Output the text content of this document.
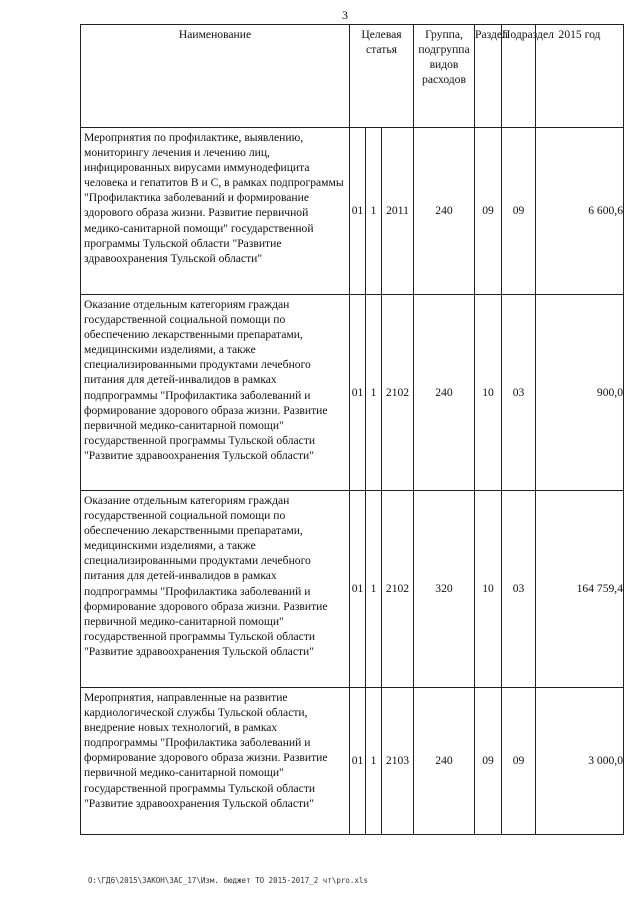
3
Наименование	Целевая статья			Группа, подгруппа видов расходов	Раздел	Подраздел	2015 год
Мероприятия по профилактике, выявлению, мониторингу лечения и лечению лиц, инфицированных вирусами иммунодефицита человека и гепатитов В и С, в рамках подпрограммы "Профилактика заболеваний и формирование здорового образа жизни. Развитие первичной медико-санитарной помощи" государственной программы Тульской области "Развитие здравоохранения Тульской области"	01	1	2011	240	09	09	6 600,6
Оказание отдельным категориям граждан государственной социальной помощи по обеспечению лекарственными препаратами, медицинскими изделиями, а также специализированными продуктами лечебного питания для детей-инвалидов в рамках подпрограммы "Профилактика заболеваний и формирование здорового образа жизни. Развитие первичной медико-санитарной помощи" государственной программы Тульской области "Развитие здравоохранения Тульской области"	01	1	2102	240	10	03	900,0
Оказание отдельным категориям граждан государственной социальной помощи по обеспечению лекарственными препаратами, медицинскими изделиями, а также специализированными продуктами лечебного питания для детей-инвалидов в рамках подпрограммы "Профилактика заболеваний и формирование здорового образа жизни. Развитие первичной медико-санитарной помощи" государственной программы Тульской области "Развитие здравоохранения Тульской области"	01	1	2102	320	10	03	164 759,4
Мероприятия, направленные на развитие кардиологической службы Тульской области, внедрение новых технологий, в рамках подпрограммы "Профилактика заболеваний и формирование здорового образа жизни. Развитие первичной медико-санитарной помощи" государственной программы Тульской области "Развитие здравоохранения Тульской области"	01	1	2103	240	09	09	3 000,0
O:\ГД6\2015\ЗАКОН\ЗАС_17\Изм. бюджет ТО 2015-2017_2 чт\pro.xls
